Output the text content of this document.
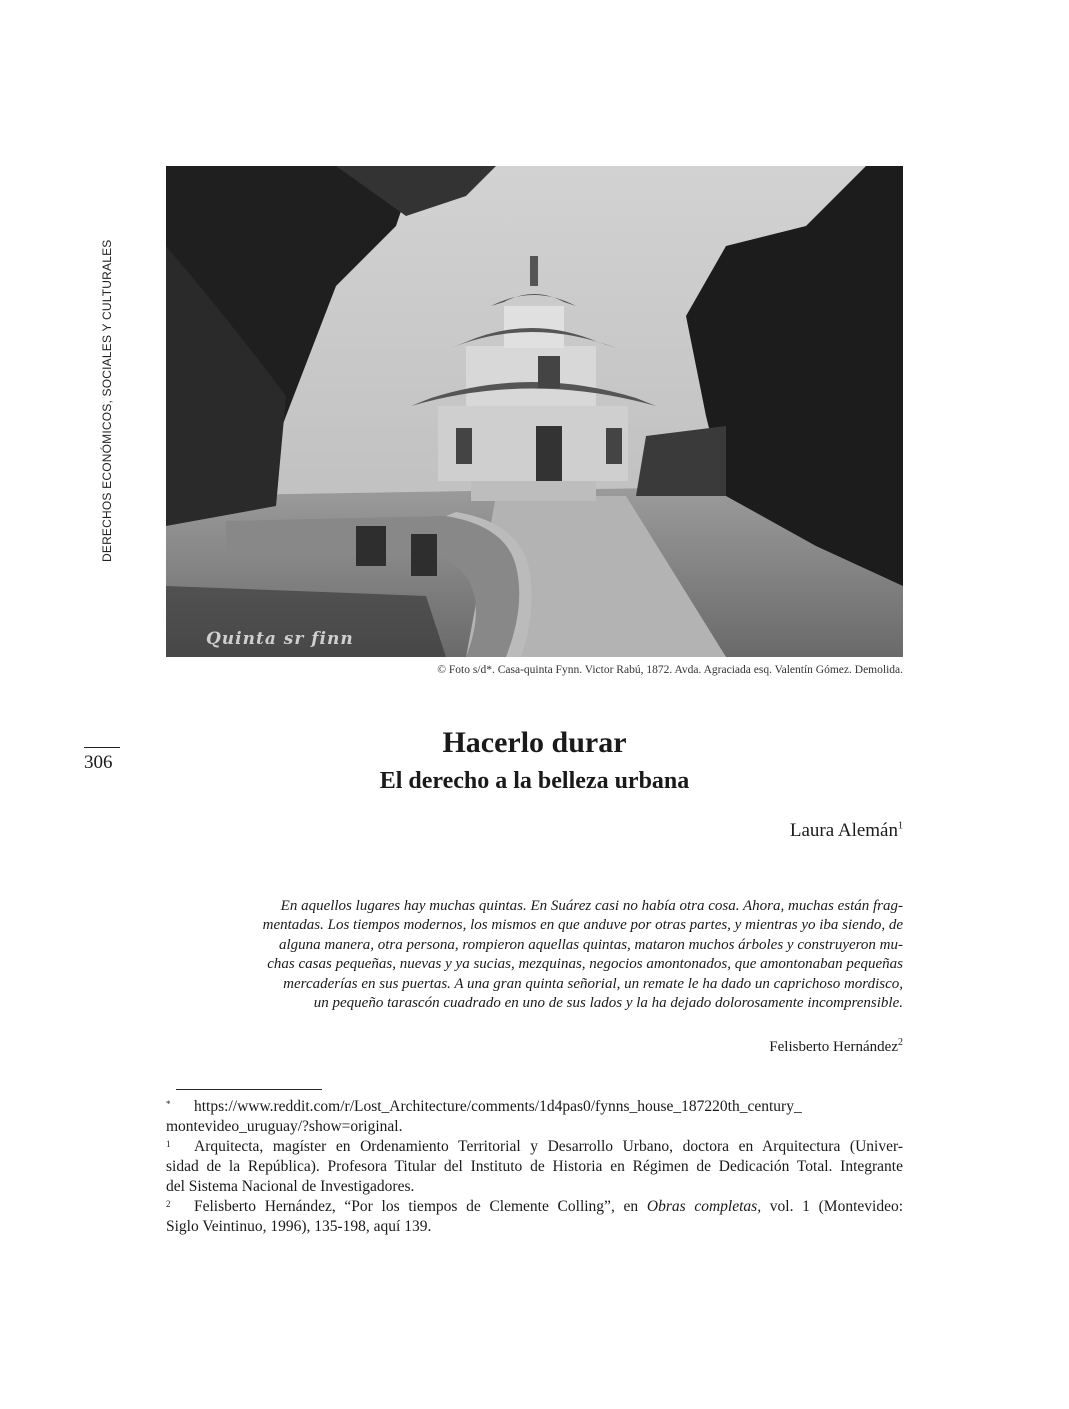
DERECHOS ECONÓMICOS, SOCIALES Y CULTURALES
306
Quinta sr finn
© Foto s/d*. Casa-quinta Fynn. Victor Rabú, 1872. Avda. Agraciada esq. Valentín Gómez. Demolida.
Hacerlo durar
El derecho a la belleza urbana
Laura Alemán$^1$
En aquellos lugares hay muchas quintas. En Suárez casi no había otra cosa. Ahora, muchas están frag-
mentadas. Los tiempos modernos, los mismos en que anduve por otras partes, y mientras yo iba siendo, de
alguna manera, otra persona, rompieron aquellas quintas, mataron muchos árboles y construyeron mu-
chas casas pequeñas, nuevas y ya sucias, mezquinas, negocios amontonados, que amontonaban pequeñas
mercaderías en sus puertas. A una gran quinta señorial, un remate le ha dado un caprichoso mordisco,
un pequeño tarascón cuadrado en uno de sus lados y la ha dejado dolorosamente incomprensible.
Felisberto Hernández$^2$
*	https://www.reddit.com/r/Lost_Architecture/comments/1d4pas0/fynns_house_187220th_century_
montevideo_uruguay/?show=original.
1	Arquitecta, magíster en Ordenamiento Territorial y Desarrollo Urbano, doctora en Arquitectura (Univer-
sidad de la República). Profesora Titular del Instituto de Historia en Régimen de Dedicación Total. Integrante
del Sistema Nacional de Investigadores.
2	Felisberto Hernández, “Por los tiempos de Clemente Colling”, en Obras completas, vol. 1 (Montevideo:
Siglo Veintinuo, 1996), 135-198, aquí 139.
